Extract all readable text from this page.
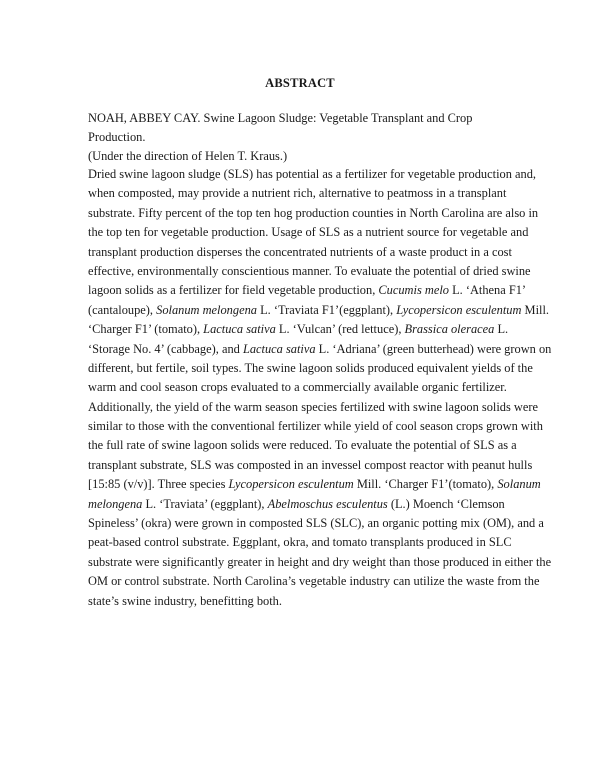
ABSTRACT
NOAH, ABBEY CAY. Swine Lagoon Sludge: Vegetable Transplant and Crop Production.
(Under the direction of Helen T. Kraus.)
Dried swine lagoon sludge (SLS) has potential as a fertilizer for vegetable production and,
when composted, may provide a nutrient rich, alternative to peatmoss in a transplant
substrate. Fifty percent of the top ten hog production counties in North Carolina are also in
the top ten for vegetable production. Usage of SLS as a nutrient source for vegetable and
transplant production disperses the concentrated nutrients of a waste product in a cost
effective, environmentally conscientious manner. To evaluate the potential of dried swine
lagoon solids as a fertilizer for field vegetable production, Cucumis melo L. ‘Athena F1’
(cantaloupe), Solanum melongena L. ‘Traviata F1’(eggplant), Lycopersicon esculentum Mill.
‘Charger F1’ (tomato), Lactuca sativa L. ‘Vulcan’ (red lettuce), Brassica oleracea L.
‘Storage No. 4’ (cabbage), and Lactuca sativa L. ‘Adriana’ (green butterhead) were grown on
different, but fertile, soil types. The swine lagoon solids produced equivalent yields of the
warm and cool season crops evaluated to a commercially available organic fertilizer.
Additionally, the yield of the warm season species fertilized with swine lagoon solids were
similar to those with the conventional fertilizer while yield of cool season crops grown with
the full rate of swine lagoon solids were reduced. To evaluate the potential of SLS as a
transplant substrate, SLS was composted in an invessel compost reactor with peanut hulls
[15:85 (v/v)]. Three species Lycopersicon esculentum Mill. ‘Charger F1’(tomato), Solanum
melongena L. ‘Traviata’ (eggplant), Abelmoschus esculentus (L.) Moench ‘Clemson
Spineless’ (okra) were grown in composted SLS (SLC), an organic potting mix (OM), and a
peat-based control substrate. Eggplant, okra, and tomato transplants produced in SLC
substrate were significantly greater in height and dry weight than those produced in either the
OM or control substrate. North Carolina’s vegetable industry can utilize the waste from the
state’s swine industry, benefitting both.
